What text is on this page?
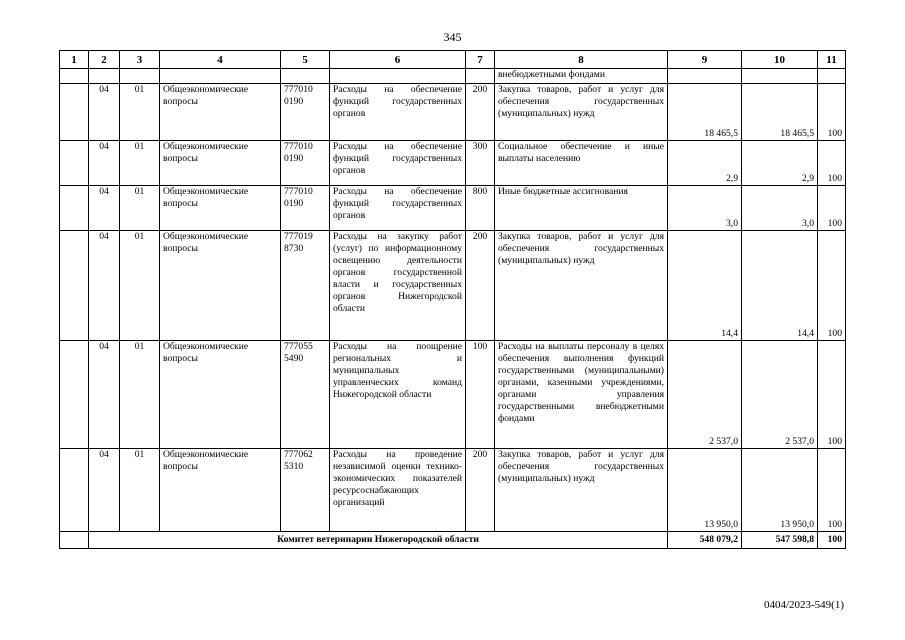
345
1	2	3	4	5	6	7	8	9	10	11
							внебюджетными фондами			
	04	01	Общеэкономические вопросы	777010 0190	Расходы на обеспечение функций государственных органов	200	Закупка товаров, работ и услуг для обеспечения государственных (муниципальных) нужд	18 465,5	18 465,5	100
	04	01	Общеэкономические вопросы	777010 0190	Расходы на обеспечение функций государственных органов	300	Социальное обеспечение и иные выплаты населению	2,9	2,9	100
	04	01	Общеэкономические вопросы	777010 0190	Расходы на обеспечение функций государственных органов	800	Иные бюджетные ассигнования	3,0	3,0	100
	04	01	Общеэкономические вопросы	777019 8730	Расходы на закупку работ (услуг) по информационному освещению деятельности органов государственной власти и государственных органов Нижегородской области	200	Закупка товаров, работ и услуг для обеспечения государственных (муниципальных) нужд	14,4	14,4	100
	04	01	Общеэкономические вопросы	777055 5490	Расходы на поощрение региональных и муниципальных управленческих команд Нижегородской области	100	Расходы на выплаты персоналу в целях обеспечения выполнения функций государственными (муниципальными) органами, казенными учреждениями, органами управления государственными внебюджетными фондами	2 537,0	2 537,0	100
	04	01	Общеэкономические вопросы	777062 5310	Расходы на проведение независимой оценки технико-экономических показателей ресурсоснабжающих организаций	200	Закупка товаров, работ и услуг для обеспечения государственных (муниципальных) нужд	13 950,0	13 950,0	100
	Комитет ветеринарии Нижегородской области							548 079,2	547 598,8	100
0404/2023-549(1)
